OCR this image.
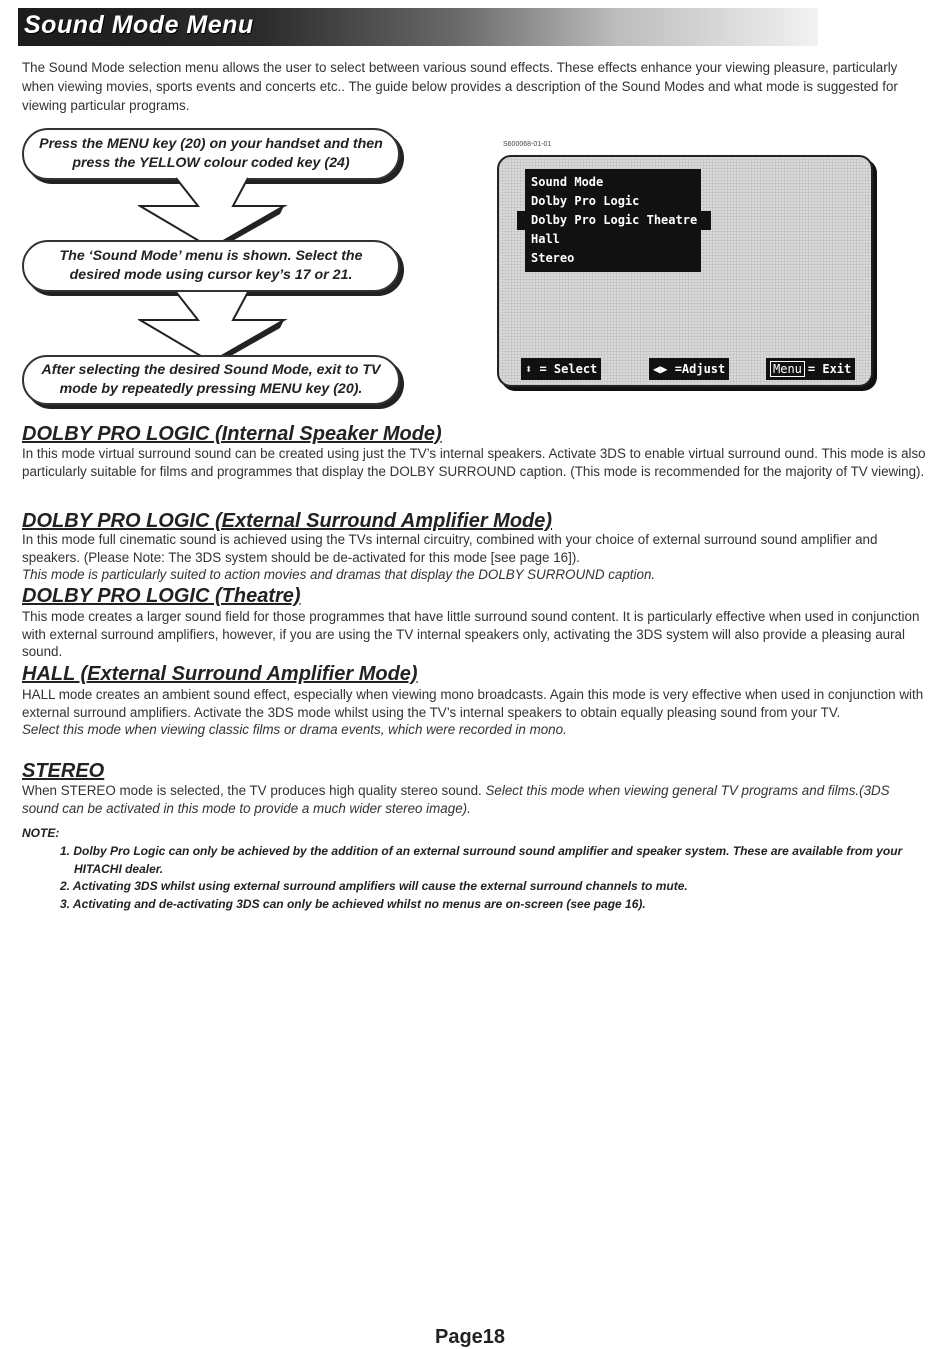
Sound Mode Menu
The Sound Mode selection menu allows the user to select between various sound effects. These effects enhance your viewing pleasure, particularly when viewing movies, sports events and concerts etc.. The guide below provides a description of the Sound Modes and what mode is suggested for viewing particular programs.
Press the MENU key (20) on your handset and then press the YELLOW colour coded key (24)
The ‘Sound Mode’ menu is shown. Select the desired mode using cursor key’s 17 or 21.
After selecting the desired Sound Mode, exit to TV mode by repeatedly pressing MENU key (20).
S600068-01-01
Sound Mode
Dolby Pro Logic
Dolby Pro Logic Theatre
Hall
Stereo
⬍ = Select	◀▶ =Adjust	Menu = Exit
DOLBY PRO LOGIC (Internal Speaker Mode)
In this mode virtual surround sound can be created using just the TV’s internal speakers. Activate 3DS to enable virtual surround ound. This mode is also particularly suitable for films and programmes that display the DOLBY SURROUND caption. (This mode is recommended for the majority of TV viewing).
DOLBY PRO LOGIC (External Surround Amplifier Mode)
In this mode full cinematic sound is achieved using the TVs internal circuitry, combined with your choice of external surround sound amplifier and speakers. (Please Note: The 3DS system should be de-activated for this mode [see page 16]).
This mode is particularly suited to action movies and dramas that display the DOLBY SURROUND caption.
DOLBY PRO LOGIC (Theatre)
This mode creates a larger sound field for those programmes that have little surround sound content. It is particularly effective when used in conjunction with external surround amplifiers, however, if you are using the TV internal speakers only, activating the 3DS system will also provide a pleasing aural sound.
HALL (External Surround Amplifier Mode)
HALL mode creates an ambient sound effect, especially when viewing mono broadcasts. Again this mode is very effective when used in conjunction with external surround amplifiers. Activate the 3DS mode whilst using the TV’s internal speakers to obtain equally pleasing sound from your TV.
Select this mode when viewing classic films or drama events, which were recorded in mono.
STEREO
When STEREO mode is selected, the TV produces high quality stereo sound. Select this mode when viewing general TV programs and films.(3DS sound can be activated in this mode to provide a much wider stereo image).
NOTE:
1. Dolby Pro Logic can only be achieved by the addition of an external surround sound amplifier and speaker system. These are available from your HITACHI dealer.
2. Activating 3DS whilst using external surround amplifiers will cause the external surround channels to mute.
3. Activating and de-activating 3DS can only be achieved whilst no menus are on-screen (see page 16).
Page18
